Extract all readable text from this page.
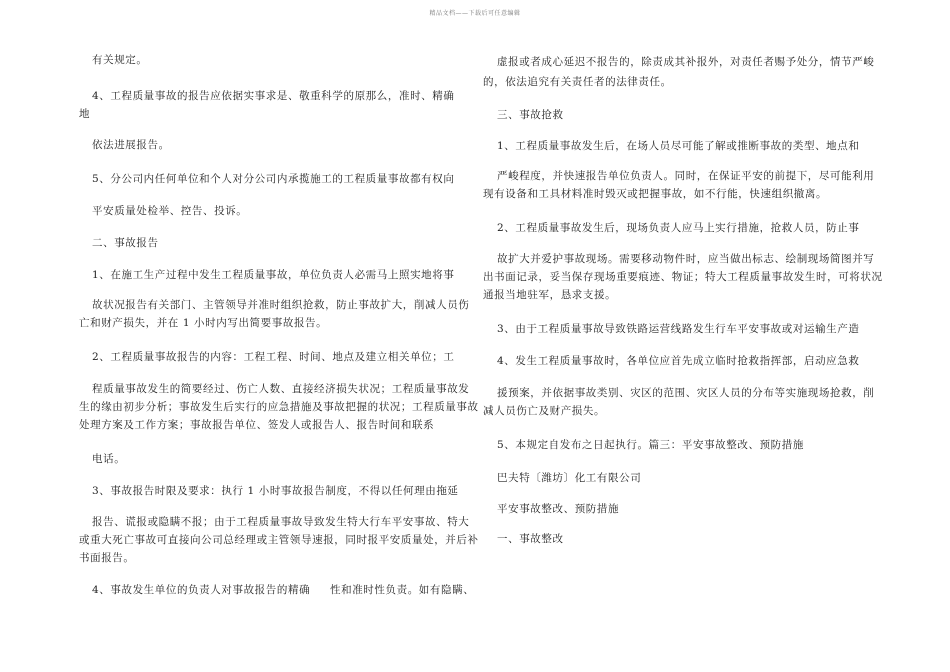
精品文档——下载后可任意编辑
有关规定。
4、工程质量事故的报告应依据实事求是、敬重科学的原那么，准时、精确
地
依法进展报告。
5、分公司内任何单位和个人对分公司内承揽施工的工程质量事故都有权向
平安质量处检举、控告、投诉。
二、事故报告
1、在施工生产过程中发生工程质量事故，单位负责人必需马上照实地将事
故状况报告有关部门、主管领导并准时组织抢救，防止事故扩大，削减人员伤
亡和财产损失，并在 1 小时内写出简要事故报告。
2、工程质量事故报告的内容：工程工程、时间、地点及建立相关单位；工
程质量事故发生的简要经过、伤亡人数、直接经济损失状况；工程质量事故发
生的缘由初步分析；事故发生后实行的应急措施及事故把握的状况；工程质量事故
处理方案及工作方案；事故报告单位、签发人或报告人、报告时间和联系
电话。
3、事故报告时限及要求：执行 1 小时事故报告制度，不得以任何理由拖延
报告、谎报或隐瞒不报；由于工程质量事故导致发生特大行车平安事故、特大
或重大死亡事故可直接向公司总经理或主管领导速报，同时报平安质量处，并后补
书面报告。
4、事故发生单位的负责人对事故报告的精确 性和准时性负责。如有隐瞒、
虚报或者成心延迟不报告的，除责成其补报外，对责任者赐予处分，情节严峻
的，依法追究有关责任者的法律责任。
三、事故抢救
1、工程质量事故发生后，在场人员尽可能了解或推断事故的类型、地点和
严峻程度，并快速报告单位负责人。同时，在保证平安的前提下，尽可能利用
现有设备和工具材料准时毁灭或把握事故，如不行能，快速组织撤离。
2、工程质量事故发生后，现场负责人应马上实行措施，抢救人员，防止事
故扩大并爱护事故现场。需要移动物件时，应当做出标志、绘制现场简图并写
出书面记录，妥当保存现场重要痕迹、物证；特大工程质量事故发生时，可将状况
通报当地驻军，恳求支援。
3、由于工程质量事故导致铁路运营线路发生行车平安事故或对运输生产造
4、发生工程质量事故时，各单位应首先成立临时抢救指挥部，启动应急救
援预案，并依据事故类别、灾区的范围、灾区人员的分布等实施现场抢救，削
减人员伤亡及财产损失。
5、本规定自发布之日起执行。篇三：平安事故整改、预防措施
巴夫特〔潍坊〕化工有限公司
平安事故整改、预防措施
一、事故整改
